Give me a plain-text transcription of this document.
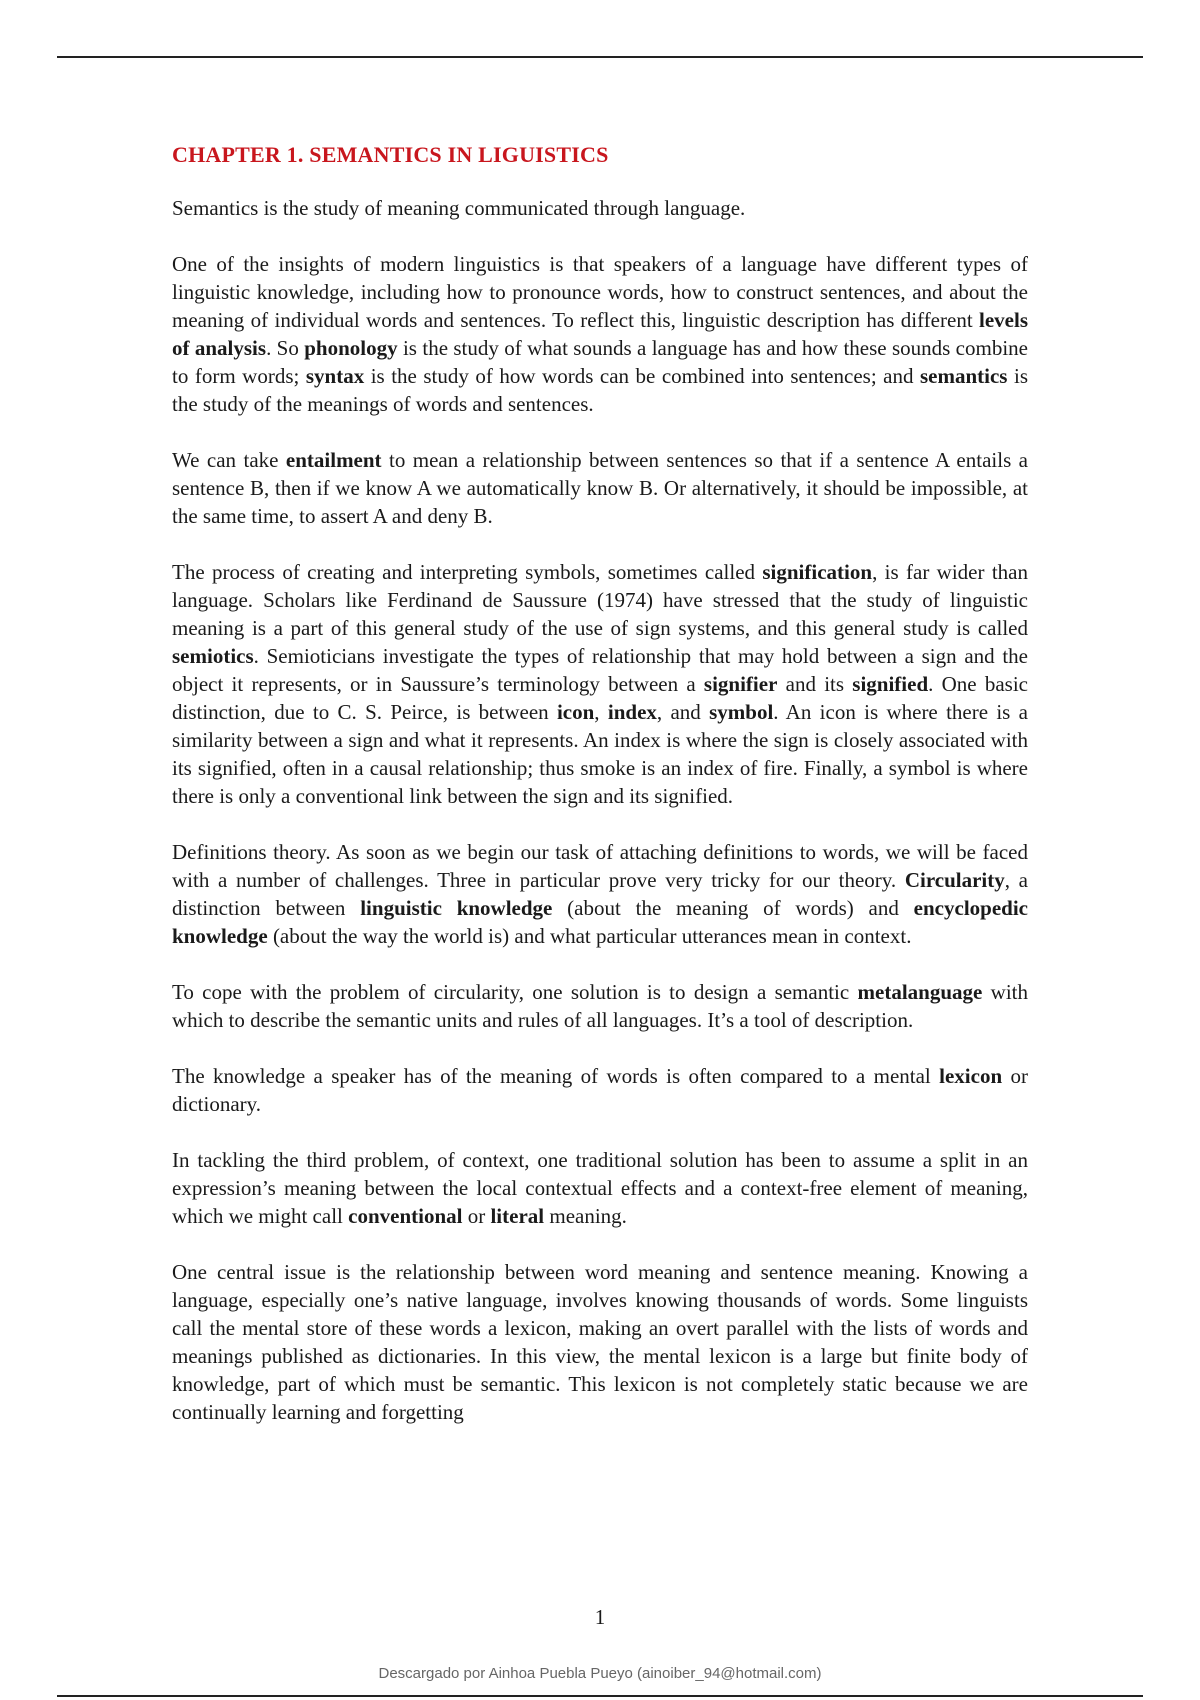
CHAPTER 1. SEMANTICS IN LIGUISTICS

Semantics is the study of meaning communicated through language.

One of the insights of modern linguistics is that speakers of a language have different types of linguistic knowledge, including how to pronounce words, how to construct sentences, and about the meaning of individual words and sentences. To reflect this, linguistic description has different levels of analysis. So phonology is the study of what sounds a language has and how these sounds combine to form words; syntax is the study of how words can be combined into sentences; and semantics is the study of the meanings of words and sentences.

We can take entailment to mean a relationship between sentences so that if a sentence A entails a sentence B, then if we know A we automatically know B. Or alternatively, it should be impossible, at the same time, to assert A and deny B.

The process of creating and interpreting symbols, sometimes called signification, is far wider than language. Scholars like Ferdinand de Saussure (1974) have stressed that the study of linguistic meaning is a part of this general study of the use of sign systems, and this general study is called semiotics. Semioticians investigate the types of relationship that may hold between a sign and the object it represents, or in Saussure’s terminology between a signifier and its signified. One basic distinction, due to C. S. Peirce, is between icon, index, and symbol. An icon is where there is a similarity between a sign and what it represents. An index is where the sign is closely associated with its signified, often in a causal relationship; thus smoke is an index of fire. Finally, a symbol is where there is only a conventional link between the sign and its signified.

Definitions theory. As soon as we begin our task of attaching definitions to words, we will be faced with a number of challenges. Three in particular prove very tricky for our theory. Circularity, a distinction between linguistic knowledge (about the meaning of words) and encyclopedic knowledge (about the way the world is) and what particular utterances mean in context.

To cope with the problem of circularity, one solution is to design a semantic metalanguage with which to describe the semantic units and rules of all languages. It’s a tool of description.

The knowledge a speaker has of the meaning of words is often compared to a mental lexicon or dictionary.

In tackling the third problem, of context, one traditional solution has been to assume a split in an expression’s meaning between the local contextual effects and a context-free element of meaning, which we might call conventional or literal meaning.

One central issue is the relationship between word meaning and sentence meaning. Knowing a language, especially one’s native language, involves knowing thousands of words. Some linguists call the mental store of these words a lexicon, making an overt parallel with the lists of words and meanings published as dictionaries. In this view, the mental lexicon is a large but finite body of knowledge, part of which must be semantic. This lexicon is not completely static because we are continually learning and forgetting

1
Descargado por Ainhoa Puebla Pueyo (ainoiber_94@hotmail.com)
